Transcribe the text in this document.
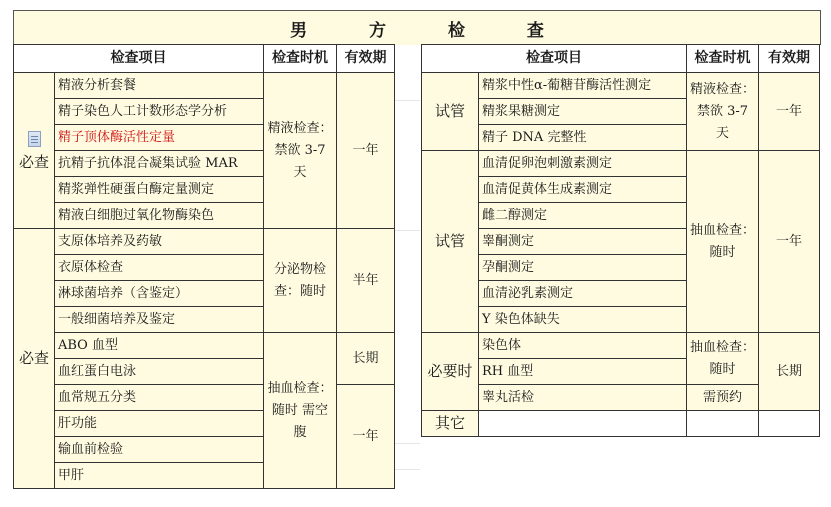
男 方 检 查
检查项目		检查时机	有效期

必查	精液分析套餐	精液检查：禁欲 3-7 天	一年
	精子染色人工计数形态学分析		
	精子顶体酶活性定量		
	抗精子抗体混合凝集试验 MAR		
	精浆弹性硬蛋白酶定量测定		
	精液白细胞过氧化物酶染色		
必查	支原体培养及药敏	分泌物检查：随时	半年
	衣原体检查		
	淋球菌培养（含鉴定）		
	一般细菌培养及鉴定		
	ABO 血型	抽血检查：随时 需空腹	长期
	血红蛋白电泳		
	血常规五分类		一年
	肝功能		
	输血前检验		
	甲肝		
检查项目		检查时机	有效期
试管	精浆中性α-葡糖苷酶活性测定	精液检查：禁欲 3-7 天	一年
	精浆果糖测定		
	精子 DNA 完整性		
试管	血清促卵泡刺激素测定	抽血检查：随时	一年
	血清促黄体生成素测定		
	雌二醇测定		
	睾酮测定		
	孕酮测定		
	血清泌乳素测定		
	Y 染色体缺失		
必要时	染色体	抽血检查：随时	长期
	RH 血型		
	睾丸活检	需预约	
其它			
